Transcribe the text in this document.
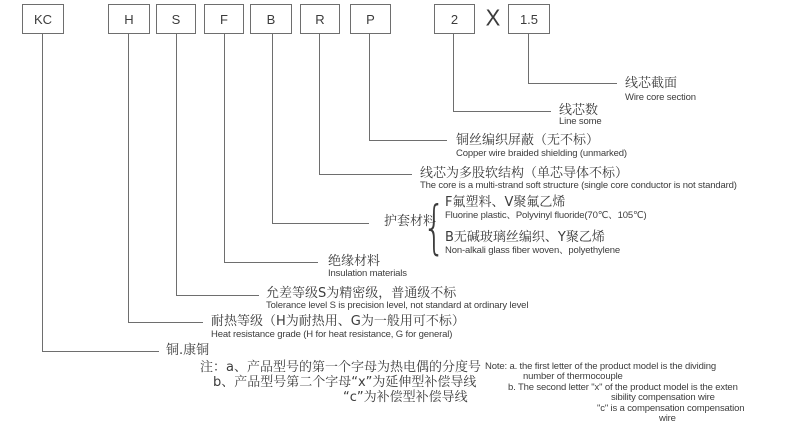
X
护套材料
{ F氟塑料、V聚氟乙烯
Fluorine plastic、Polyvinyl fluoride(70℃、105℃)
B无碱玻璃丝编织、Y聚乙烯
Non-alkali glass fiber woven、polyethylene
KC	H	S	F	B	R	P	2	1.5
线芯截面
Wire core section
线芯数
Line some
铜丝编织屏蔽（无不标）
Copper wire braided shielding (unmarked)
线芯为多股软结构（单芯导体不标）
The core is a multi-strand soft structure (single core conductor is not standard)
绝缘材料
Insulation materials
允差等级S为精密级，普通级不标
Tolerance level S is precision level, not standard at ordinary level
耐热等级（H为耐热用、G为一般用可不标）
Heat resistance grade (H for heat resistance, G for general)
铜.康铜
注：a、产品型号的第一个字母为热电偶的分度号
b、产品型号第二个字母“x”为延伸型补偿导线
“c”为补偿型补偿导线
Note: a. the first letter of the product model is the dividing
number of thermocouple
b. The second letter "x" of the product model is the exten
sibility compensation wire
"c" is a compensation compensation
wire
